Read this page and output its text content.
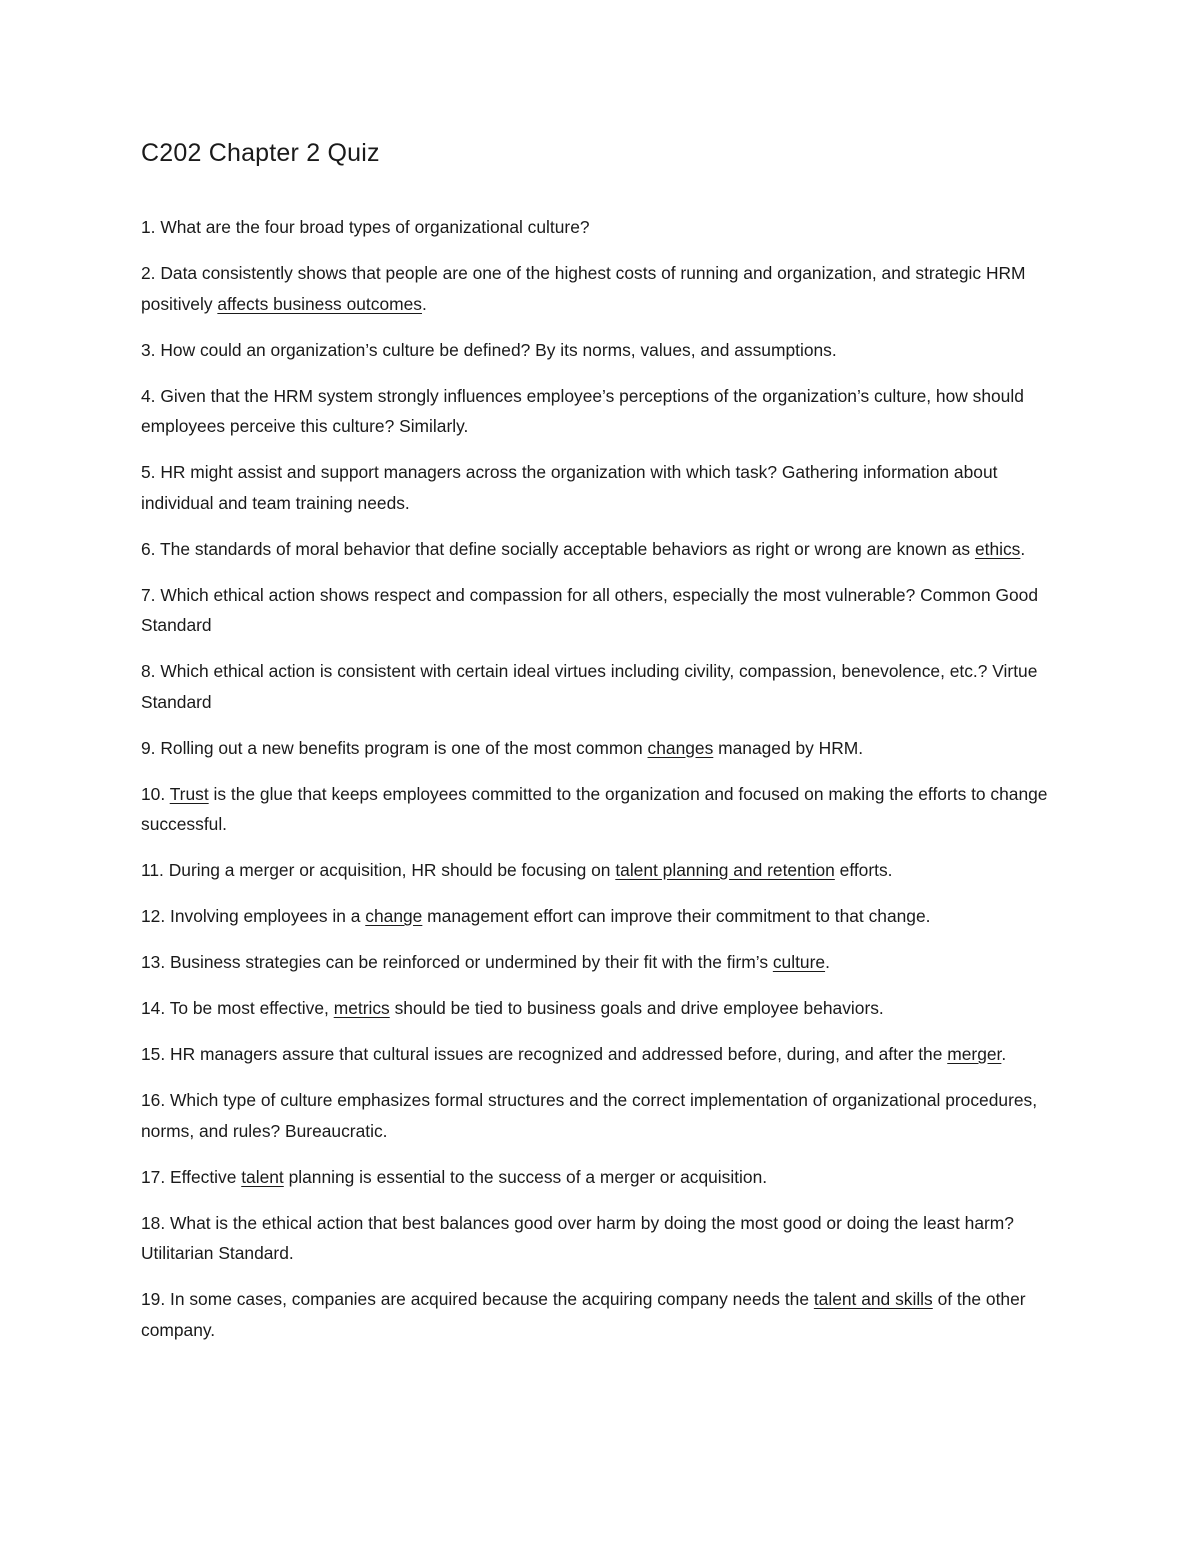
C202 Chapter 2 Quiz
1. What are the four broad types of organizational culture?
2. Data consistently shows that people are one of the highest costs of running and organization, and strategic HRM positively affects business outcomes.
3. How could an organization’s culture be defined? By its norms, values, and assumptions.
4. Given that the HRM system strongly influences employee’s perceptions of the organization’s culture, how should employees perceive this culture? Similarly.
5. HR might assist and support managers across the organization with which task? Gathering information about individual and team training needs.
6. The standards of moral behavior that define socially acceptable behaviors as right or wrong are known as ethics.
7. Which ethical action shows respect and compassion for all others, especially the most vulnerable? Common Good Standard
8. Which ethical action is consistent with certain ideal virtues including civility, compassion, benevolence, etc.? Virtue Standard
9. Rolling out a new benefits program is one of the most common changes managed by HRM.
10. Trust is the glue that keeps employees committed to the organization and focused on making the efforts to change successful.
11. During a merger or acquisition, HR should be focusing on talent planning and retention efforts.
12. Involving employees in a change management effort can improve their commitment to that change.
13. Business strategies can be reinforced or undermined by their fit with the firm’s culture.
14. To be most effective, metrics should be tied to business goals and drive employee behaviors.
15. HR managers assure that cultural issues are recognized and addressed before, during, and after the merger.
16. Which type of culture emphasizes formal structures and the correct implementation of organizational procedures, norms, and rules? Bureaucratic.
17. Effective talent planning is essential to the success of a merger or acquisition.
18. What is the ethical action that best balances good over harm by doing the most good or doing the least harm? Utilitarian Standard.
19. In some cases, companies are acquired because the acquiring company needs the talent and skills of the other company.
